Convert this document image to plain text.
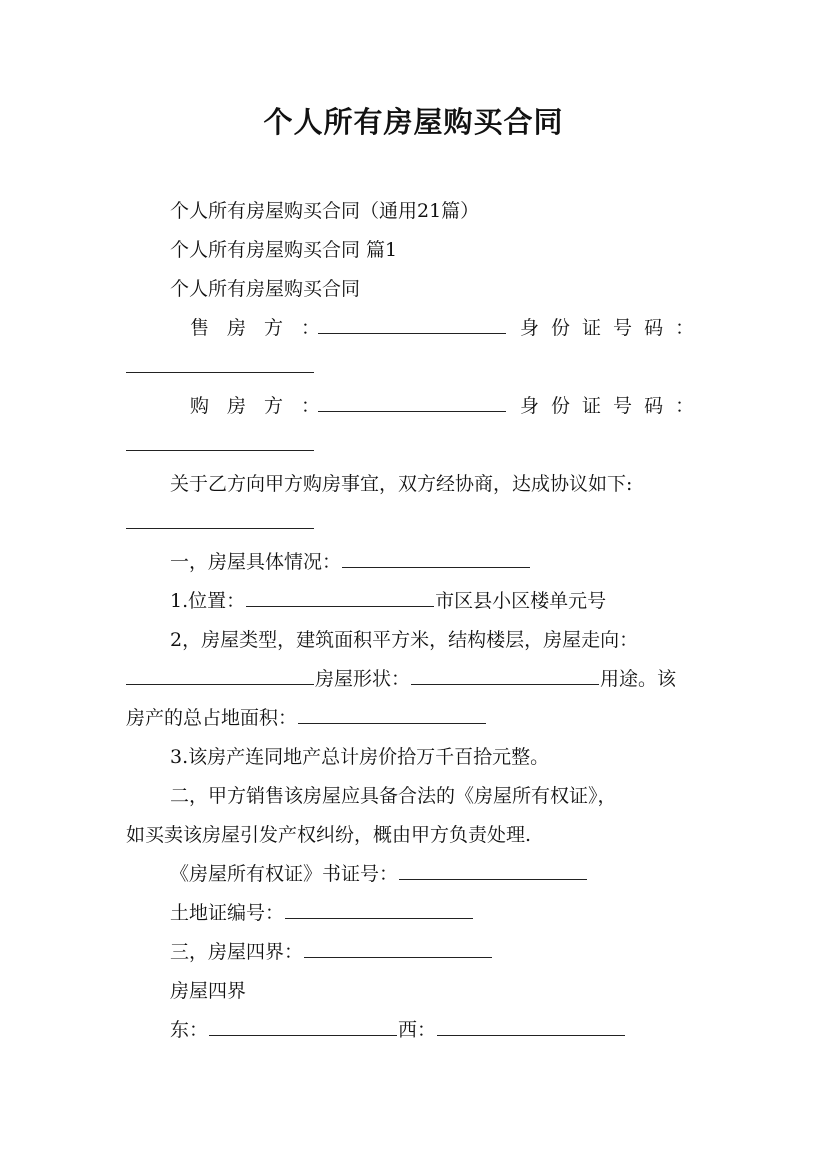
个人所有房屋购买合同
个人所有房屋购买合同（通用21篇）
个人所有房屋购买合同 篇1
个人所有房屋购买合同
售 房 方 ：	身 份 证 号 码 ：
购 房 方 ：	身 份 证 号 码 ：
关于乙方向甲方购房事宜，双方经协商，达成协议如下:
一，房屋具体情况：
1.位置：	市区县小区楼单元号
2，房屋类型，建筑面积平方米，结构楼层，房屋走向：
房屋形状：	用途。该
房产的总占地面积：
3.该房产连同地产总计房价拾万千百拾元整。
二，甲方销售该房屋应具备合法的《房屋所有权证》，
如买卖该房屋引发产权纠纷，概由甲方负责处理.
《房屋所有权证》书证号：
土地证编号：
三，房屋四界：
房屋四界
东：	西：
